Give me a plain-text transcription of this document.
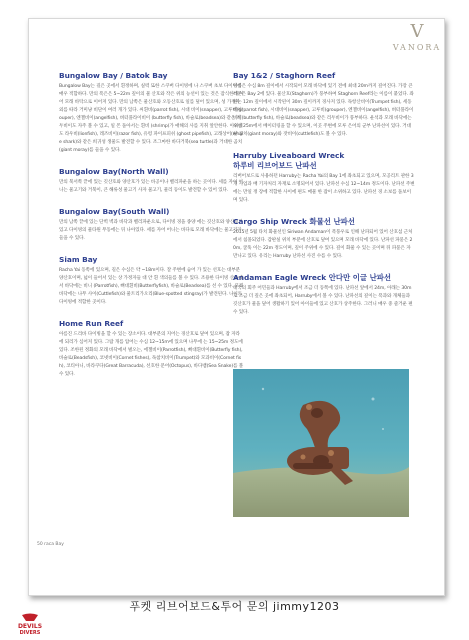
V
VANORA
Bungalow Bay / Batok Bay
Bungalow Bay는 길은 곳에서 흰정하며, 실력 또한 스쿠버 다이빙에 나 스쿠버 초보 다이빙에 매우 적합하다. 만의 폭은은 5~22m 깊이의 물 산호와 작은 위의 능선이 있는 것은 잠식한데 이어 모래 바탁으로 이어져 있다. 만의 남쪽은 물산호와 오동산호로 일를 덮어 있으며, 성 가정자 외를 따라 거미냥 비단이 여러 개가 있다. 씨흰비(parrot fish), 시대 비이(snapper), 고루비(grouper), 엔젤비이(angelfish), 벼터플라이비이 (butterfly fish), 바슬로(beadsea)와 같은 리두비이도 자주 볼 수 있고, 일 몬 돌아서는 흰비 (shrimp)가 애해의 사를 지취 앞안한다. 이외에도 라우비(lionfish), 레즈비이(razor fish), 유령 파이프피쉬 (ghost pipefish), 고래상어(whale shark)와 같은 희귀성 생물도 발견할 수 있다. 조그마한 바다거북(sea turtle)과 거대한 곰치(giant moray)를 들을 수 있다.
Bungalow Bay(North Wall)
만의 북서쪽 끝에 있는 깃산호와 양산호가 있는 바공이나 벨리파운을 하는 곳이다. 세를 자어 어니는 물고기와 거북이, 큰 해류성 물고기 사자 물고기, 물리 등이도 발견할 수 있어 있다.
Bungalow Bay(South Wall)
만의 남쪽 끝에 있는 단벽 벽과 바닥과 벨리파운으로, 다이빙 경을 종양 에는 깃산호와 양산호가 있고 다이빙의 물타원 무동에는 뒤 나아있다. 세를 자어 어니는 바다로 모래 바닥에는 물고기가 들을 수 있다.
Siam Bay
Racha Yai 동쪽에 있으며, 길은 수심은 약 ~18m이다. 잘 주변에 숨어 가 있는 선호는 대부분 양산호이며, 넓이 들어서 있는 상 가정자들 대 안 흰 색의들를 볼 수 있다. 조용한 다이빙 산운에서 바닥에는 비니 (Parrotfish), 뼈대흰비(Butterflyfish), 바슬로(Beadsea)를 선 수 있다. 모래 바닥에는 나무 사이(Cuttlefish)와 물트리가오리(Blue-spotted stingray)가 발견된다. 나이트 다이빙에 적합한 곳이다.
Home Run Reef
아름진 드리바 다이빙을 할 수 있는 장소이다. 대부분의 지어는 경산호로 덮여 있으며, 잡 자라에 되리가 심어져 있다. 그랍 개를 압어는 수심 12~15m에 있으며 나무에 는 15~25m 정도에 있다. 조한된 정화의 모래 바닥에서 벌오는, 에젤비이(Parrotfish), 뼈대흰비이(Butterfly fish), 바슬로(Beadsfish), 코넷비이(Cornet fishes), 독참치비이(Trumpet)와 모과비이(Cornet fish), 코티아니, 바라쿠다(Great Barracuda), 선호한 문어(Octopus), 바다뱀(Sea Snake)를 볼 수 있다.
Bay 1&2 / Staghorn Reef
이름은 수심 8m 깊이에서 시작되어 모래 바닥에 있기 전에 최대 20m까지 깊어진다. 가장 큰 러분은 Bay 2에 있다. 물산호(Staghorn)가 풍부하여 Staghorn Reef라는 이름이 붙었다. 좌편는 12m 깊이에서 시작된이 30m 깊이까지 경사져 있다. 독항산비이(Trumpet fish), 세동비이(parrot fish), 시대비이(snapper), 고루비(grouper), 엔젤비이(angelfish), 벼터플라이비이(butterfly fish), 바슬로(beadsea)와 같은 리두비이가 풍부하다. 운석과 모래 바닥에는 수심 25m에서 베이터링을 할 수 있으며, 이곳 주변에 모루 은어의 군부 난파선이 있다. 거대한 곰치(giant moray)와 잣비이(cuttlefish)도 볼 수 있다.
Harruby Liveaboard Wreck
하루비 리브어보드 난파선
리버어보드로 사용하던 Harruby는 Racha Yai의 Bay 1에 좌초되고 있으며, 모공리트 관한 3개 사업과 배 기자처리 자재로 소명되어서 있다. 난파선 수심 12~14m 정도이다. 난파선 주변에는 만일 정 장에 적합한 사이에 편도 매물 한 잡이 소위하고 있다. 난파선 경 소보를 돌보이며 있다.
Cargo Ship Wreck 화물선 난파선
2015년 5월 타치 화물선인 Siriwan Andaman이 폭풍우로 인해 난파되어 있어 산호섬 근처에서 침몰되었다. 갑판실 위치 부분에 산호로 덮여 있으며 모래 바닥에 있다. 난파선 파묻은 20m, 굴뚝 이는 22m 정도이며, 깊이 주위에 수 있다. 깊이 화물 수 있는 곳이며 뒤 파묻은 자 만나고 있다. 유리는 Harruby 난파선 사진 수를 수 있다.
Andaman Eagle Wreck 안다만 이글 난파선
태국의 회주 어민들과 Harruby에서 조금 더 동쪽에 있다. 난파선 앞에서 24m, 아래는 30m로 조금 더 깊은 곳에 좌초되어, Harruby에서 볼 수 있다. 난파선의 깊이는 폭과와 개체들과 깃산호가 물을 덮어 생활하기 있어 아이들에 있고 산호가 상주한다. 그러니 매우 중 즐거운 편 수 있다.
50 raca Bay
푸켓 리브어보드&투어 문의 jimmy1203
DEVILS
DIVERS
